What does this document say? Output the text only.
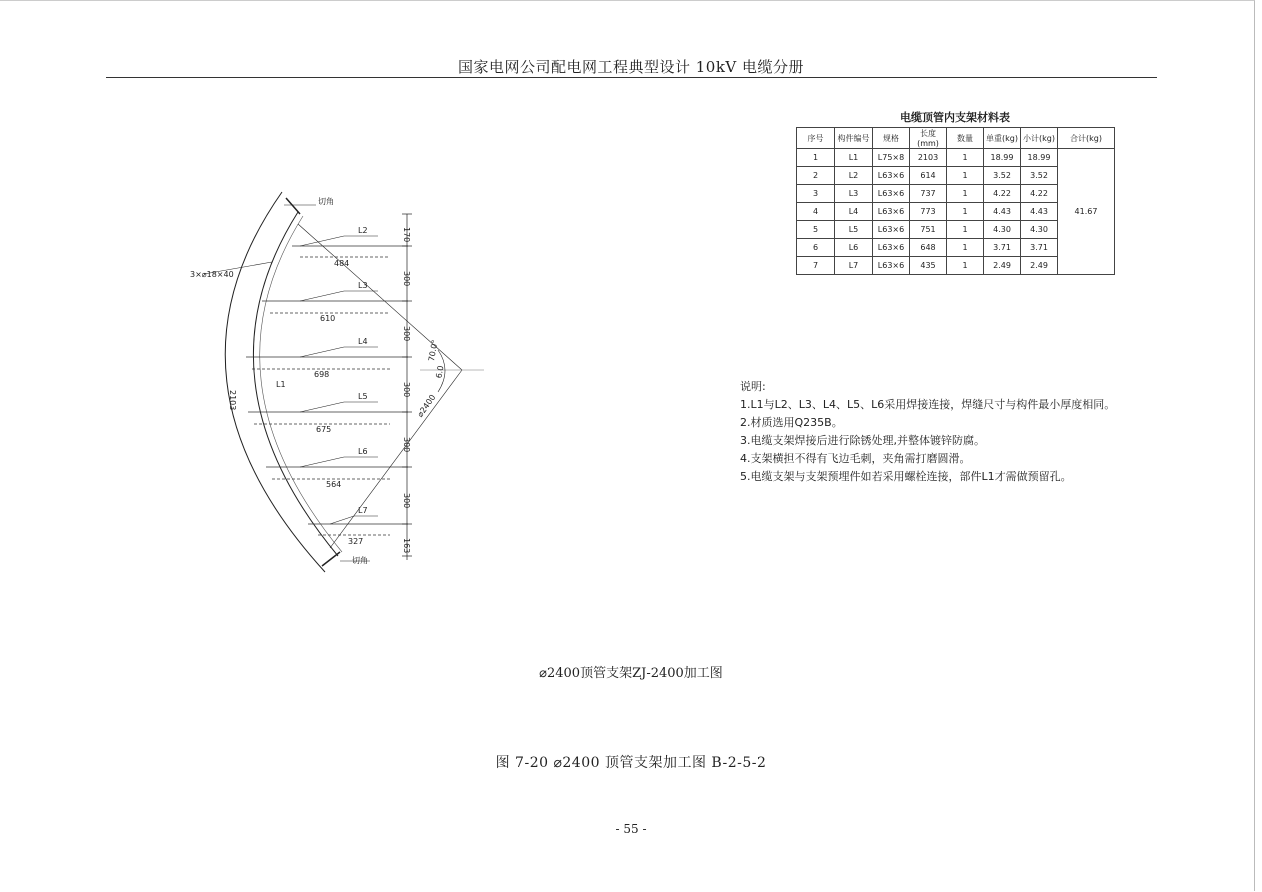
国家电网公司配电网工程典型设计 10kV 电缆分册
切角
3×⌀18×40
切角
2103
L1
⌀2400
70.0°
6.0
L2
L3
L4
L5
L6
L7
484
610
698
675
564
327
170
300
300
300
300
300
163
电缆顶管内支架材料表
序号	构件编号	规格	长度(mm)	数量	单重(kg)	小计(kg)	合计(kg)
1	L1	L75×8	2103	1	18.99	18.99	41.67
2	L2	L63×6	614	1	3.52	3.52	
3	L3	L63×6	737	1	4.22	4.22	
4	L4	L63×6	773	1	4.43	4.43	
5	L5	L63×6	751	1	4.30	4.30	
6	L6	L63×6	648	1	3.71	3.71	
7	L7	L63×6	435	1	2.49	2.49	
说明:
1.L1与L2、L3、L4、L5、L6采用焊接连接，焊缝尺寸与构件最小厚度相同。
2.材质选用Q235B。
3.电缆支架焊接后进行除锈处理,并整体镀锌防腐。
4.支架横担不得有飞边毛刺，夹角需打磨圆滑。
5.电缆支架与支架预埋件如若采用螺栓连接，部件L1才需做预留孔。
⌀2400顶管支架ZJ-2400加工图
图 7-20 ⌀2400 顶管支架加工图 B-2-5-2
- 55 -
